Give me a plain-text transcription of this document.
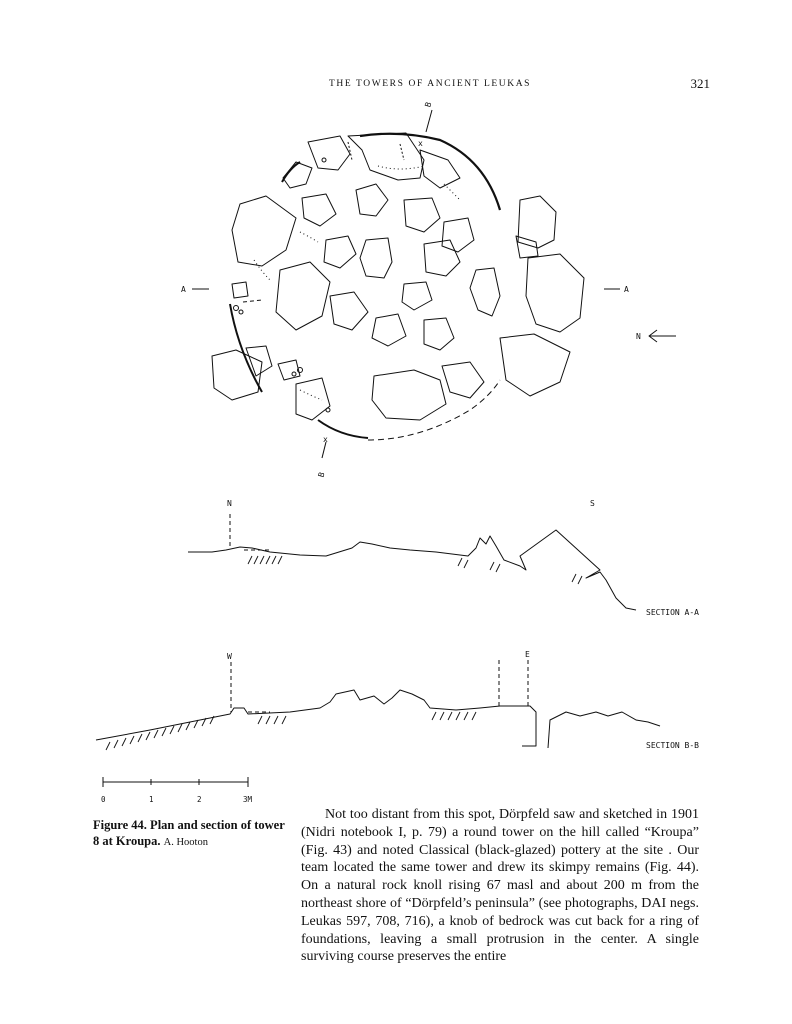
THE TOWERS OF ANCIENT LEUKAS	321
B
B
A	A
N
x
x
N	S
SECTION A-A
W	E
SECTION B-B
0	1	2	3M
Figure 44. Plan and section of tower 8 at Kroupa. A. Hooton

Not too distant from this spot, Dörpfeld saw and sketched in 1901 (Nidri notebook I, p. 79) a round tower on the hill called “Kroupa” (Fig. 43) and noted Classical (black-glazed) pottery at the site . Our team located the same tower and drew its skimpy remains (Fig. 44). On a natural rock knoll rising 67 masl and about 200 m from the northeast shore of “Dörpfeld’s peninsula” (see photographs, DAI negs. Leukas 597, 708, 716), a knob of bedrock was cut back for a ring of foundations, leaving a small protrusion in the center. A single surviving course preserves the entire
